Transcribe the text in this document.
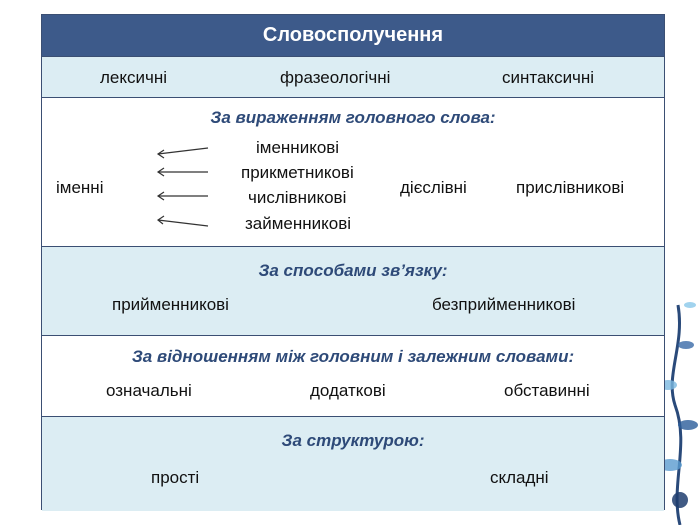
Словосполучення
лексичні	фразеологічні	синтаксичні
За вираженням головного слова:
іменні
іменникові
прикметникові
числівникові
займенникові
дієслівні	прислівникові
За способами зв’язку:
прийменникові	безприйменникові
За відношенням між головним і залежним словами:
означальні	додаткові	обставинні
За структурою:
прості	складні
